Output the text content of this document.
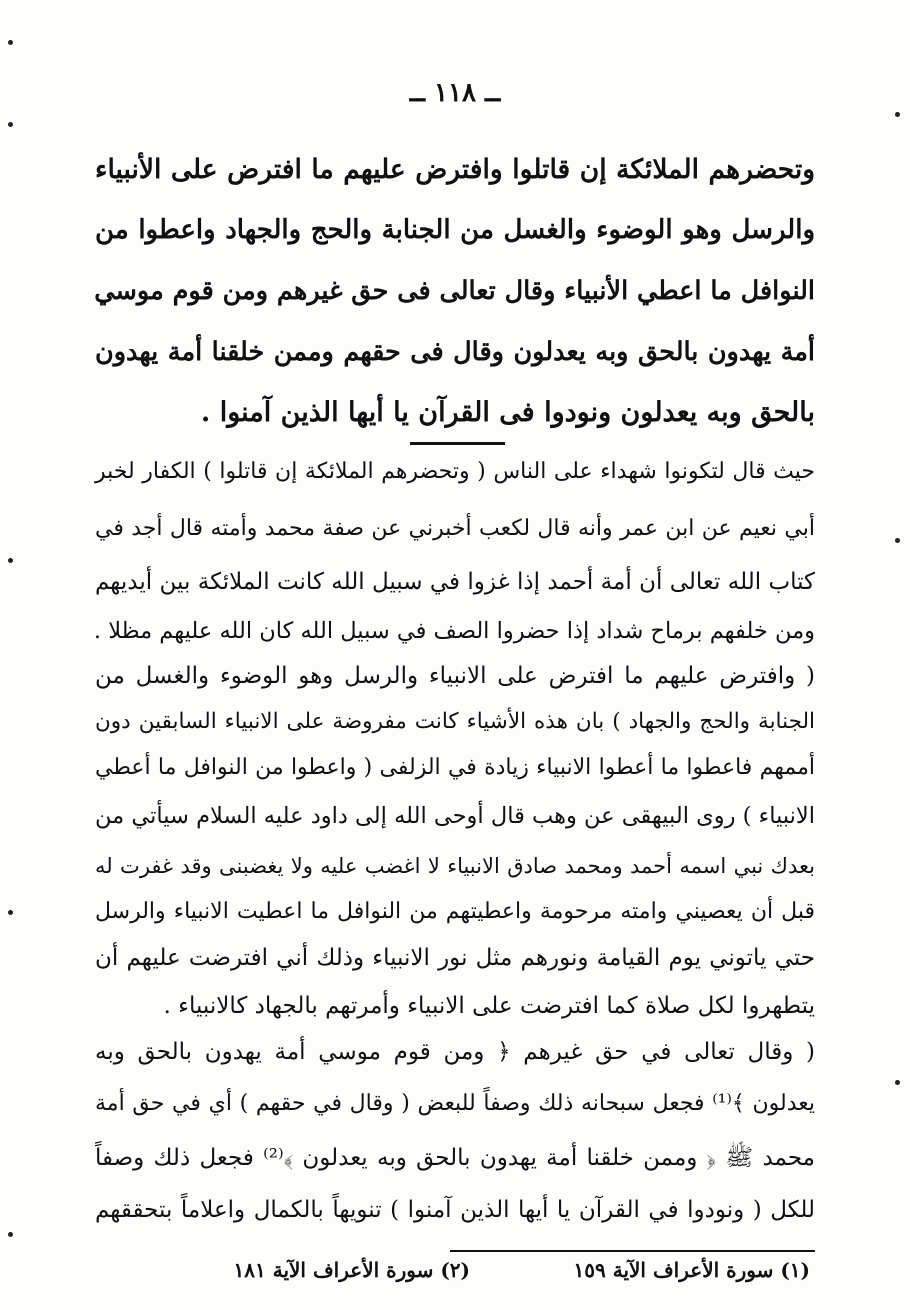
ــ ١١٨ ــ
وتحضرهم الملائكة إن قاتلوا وافترض عليهم ما افترض على الأنبياء
والرسل وهو الوضوء والغسل من الجنابة والحج والجهاد واعطوا من
النوافل ما اعطي الأنبياء وقال تعالى فى حق غيرهم ومن قوم موسي
أمة يهدون بالحق وبه يعدلون وقال فى حقهم وممن خلقنا أمة يهدون
بالحق وبه يعدلون ونودوا فى القرآن يا أيها الذين آمنوا .
حيث قال لتكونوا شهداء على الناس ( وتحضرهم الملائكة إن قاتلوا ) الكفار لخبر
أبي نعيم عن ابن عمر وأنه قال لكعب أخبرني عن صفة محمد وأمته قال أجد في
كتاب الله تعالى أن أمة أحمد إذا غزوا في سبيل الله كانت الملائكة بين أيديهم
ومن خلفهم برماح شداد إذا حضروا الصف في سبيل الله كان الله عليهم مظلا .
( وافترض عليهم ما افترض على الانبياء والرسل وهو الوضوء والغسل من
الجنابة والحج والجهاد ) بان هذه الأشياء كانت مفروضة على الانبياء السابقين دون
أممهم فاعطوا ما أعطوا الانبياء زيادة في الزلفى ( واعطوا من النوافل ما أعطي
الانبياء ) روى البيهقى عن وهب قال أوحى الله إلى داود عليه السلام سيأتي من
بعدك نبي اسمه أحمد ومحمد صادق الانبياء لا اغضب عليه ولا يغضبنى وقد غفرت له
قبل أن يعصيني وامته مرحومة واعطيتهم من النوافل ما اعطيت الانبياء والرسل
حتي ياتوني يوم القيامة ونورهم مثل نور الانبياء وذلك أني افترضت عليهم أن
يتطهروا لكل صلاة كما افترضت على الانبياء وأمرتهم بالجهاد كالانبياء .
( وقال تعالى في حق غيرهم ﴿ ومن قوم موسي أمة يهدون بالحق وبه
يعدلون ﴾⁽¹⁾ فجعل سبحانه ذلك وصفاً للبعض ( وقال في حقهم ) أي في حق أمة
محمد ﷺ ﴿ وممن خلقنا أمة يهدون بالحق وبه يعدلون ﴾⁽²⁾ فجعل ذلك وصفاً
للكل ( ونودوا في القرآن يا أيها الذين آمنوا ) تنويهاً بالكمال واعلاماً بتحققهم
(١) سورة الأعراف الآية ١٥٩
(٢) سورة الأعراف الآية ١٨١
